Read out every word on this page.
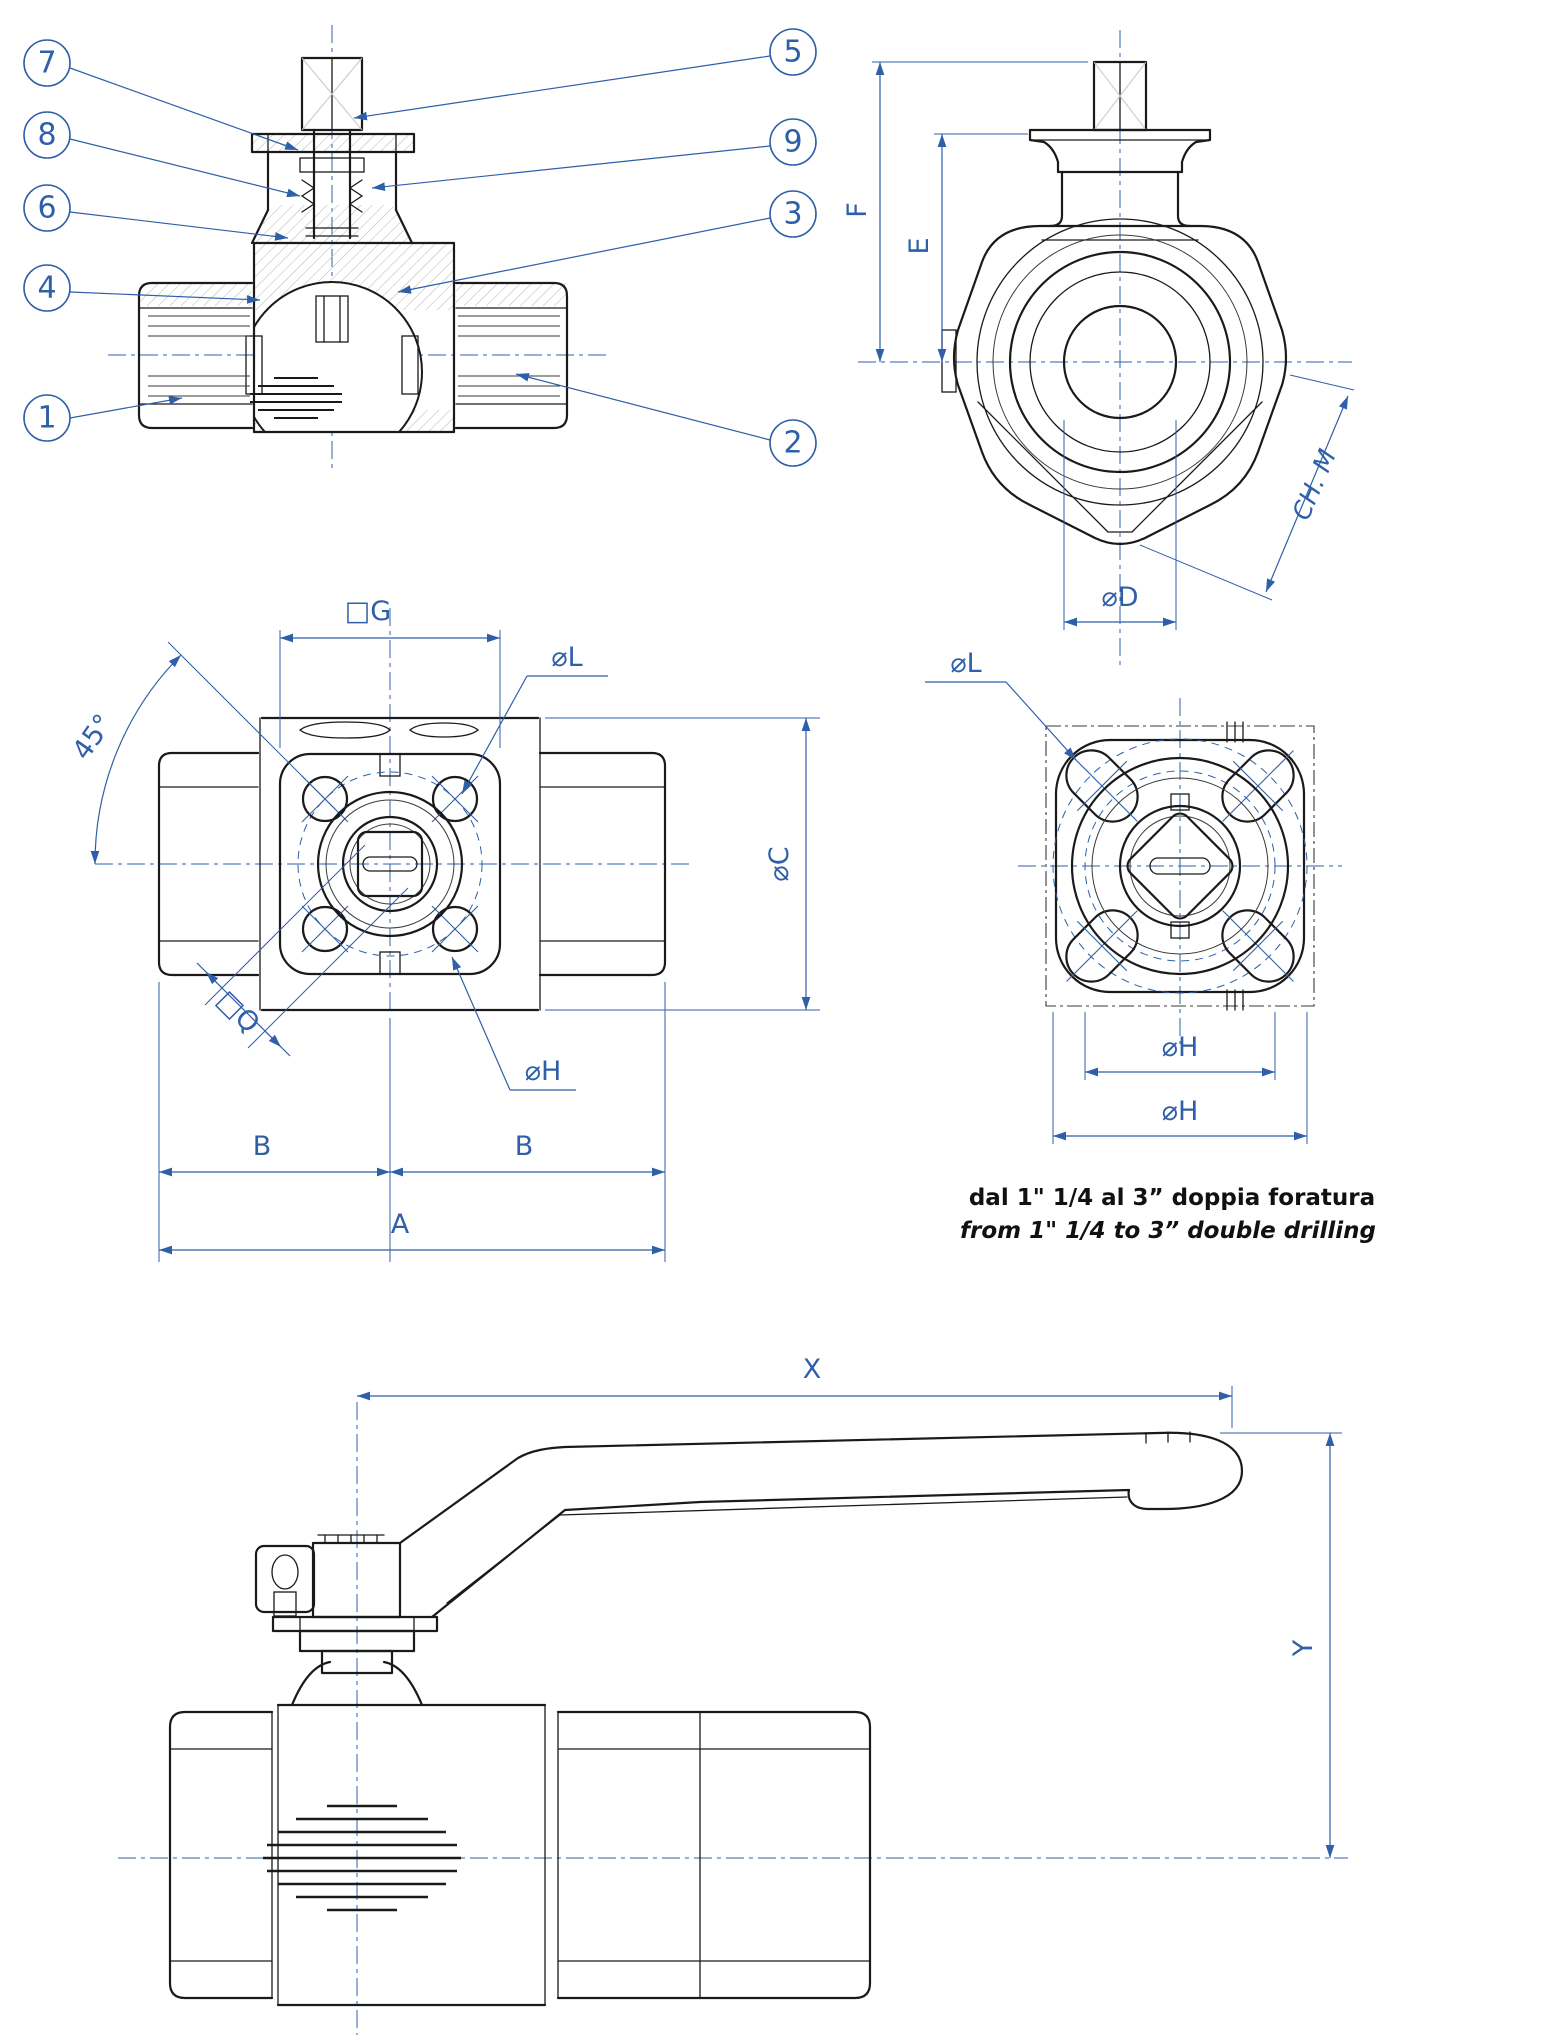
7
8
6
4
1
5
9
3
2
F
E
CH. M
⌀D
□G
⌀L
45°
⌀C
□Q
⌀H
B	B
A
⌀L
⌀H
⌀H
dal 1" 1/4 al 3” doppia foratura
from 1" 1/4 to 3” double drilling
X
Y
